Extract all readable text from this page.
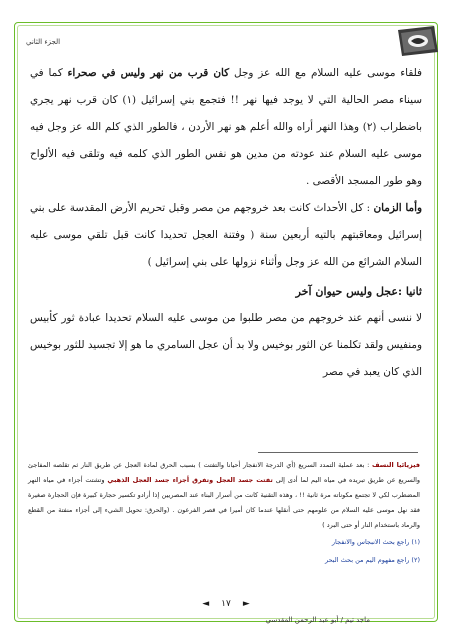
الجزء الثاني

فلقاء موسى عليه السلام مع الله عز وجل كان قرب من نهر وليس في صحراء كما في سيناء مصر الحالية التي لا يوجد فيها نهر !! فتجمع بني إسرائيل (١) كان قرب نهر يجري باضطراب (٢) وهذا النهر أراه والله أعلم هو نهر الأردن ، فالطور الذي كلم الله عز وجل فيه موسى عليه السلام عند عودته من مدين هو نفس الطور الذي كلمه فيه وتلقى فيه الألواح وهو طور المسجد الأقصى .

وأما الزمان : كل الأحداث كانت بعد خروجهم من مصر وقبل تحريم الأرض المقدسة على بني إسرائيل ومعاقبتهم بالتيه أربعين سنة ( وفتنة العجل تحديدا كانت قبل تلقي موسى عليه السلام الشرائع من الله عز وجل وأثناء نزولها على بني إسرائيل )

ثانيا :عجل وليس حيوان آخر

لا ننسى أنهم عند خروجهم من مصر طلبوا من موسى عليه السلام تحديدا عبادة ثور كأبيس ومنفيس ولقد تكلمنا عن الثور بوخيس ولا بد أن عجل السامري ما هو إلا تجسيد للثور بوخيس الذي كان يعبد في مصر

فيزيائيا النسف : بعد عملية التمدد السريع (أي الدرجة الانفجار أحيانا والتفتت ) بسبب الحرق لمادة العجل عن طريق النار ثم تقلصه المفاجئ والسريع عن طريق تبريده في مياه اليم لما أدى إلى تفتت جسد العجل وتفرق أجزاء جسد العجل الذهبي وتشتت أجزاء في مياه النهر المضطرب لكي لا تجتمع مكوناته مرة ثانية !! ، وهذه التقنية كانت من أسرار البناء عند المصريين إذا أرادو تكسير حجارة كبيرة فإن الحجارة صغيرة فقد نهل موسى عليه السلام من علومهم حتى أنقلها عندما كان أميرا في قصر الفرعون . (والحرق: تحويل الشيء إلى أجزاء منفتة من القطع والرماد باستخدام النار أو حتى البرد )
(١) راجع بحث الانبجاس والانفجار
(٢) راجع مفهوم اليم من بحث البحر
◄ ١٧ ►
ماجد تيم / أبو عبد الرحمن المقدسي
